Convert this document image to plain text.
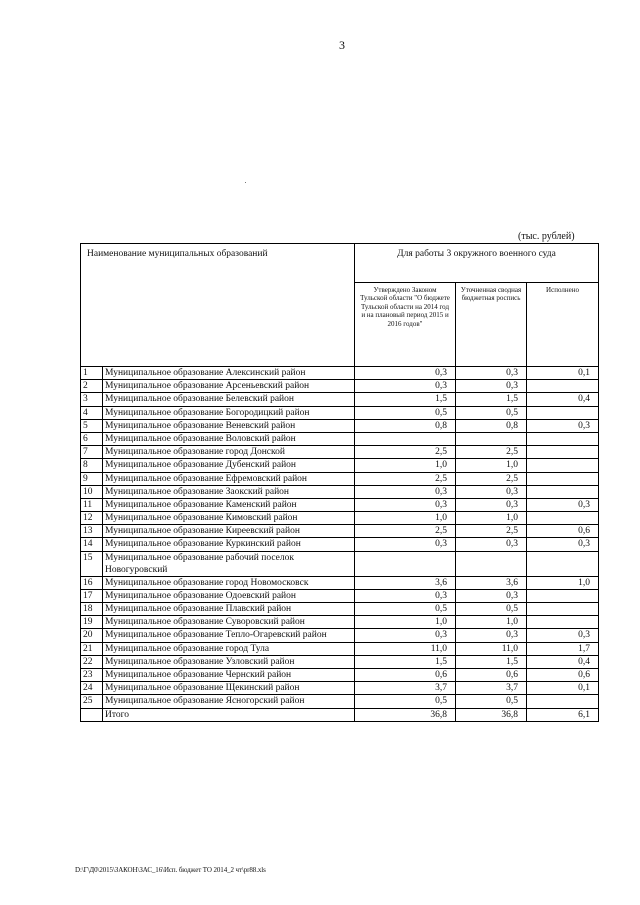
3
(тыс. рублей)
Наименование муниципальных образований		Для работы 3 окружного военного суда		
		Утверждено Законом Тульской области "О бюджете Тульской области на 2014 год и на плановый период 2015 и 2016 годов"	Уточненная сводная бюджетная роспись	Исполнено
1	Муниципальное образование Алексинский район	0,3	0,3	0,1
2	Муниципальное образование Арсеньевский район	0,3	0,3	
3	Муниципальное образование Белевский район	1,5	1,5	0,4
4	Муниципальное образование Богородицкий район	0,5	0,5	
5	Муниципальное образование Веневский район	0,8	0,8	0,3
6	Муниципальное образование Воловский район			
7	Муниципальное образование город Донской	2,5	2,5	
8	Муниципальное образование Дубенский район	1,0	1,0	
9	Муниципальное образование Ефремовский район	2,5	2,5	
10	Муниципальное образование Заокский район	0,3	0,3	
11	Муниципальное образование Каменский район	0,3	0,3	0,3
12	Муниципальное образование Кимовский район	1,0	1,0	
13	Муниципальное образование Киреевский район	2,5	2,5	0,6
14	Муниципальное образование Куркинский район	0,3	0,3	0,3
15	Муниципальное образование рабочий поселок Новогуровский			
16	Муниципальное образование город Новомосковск	3,6	3,6	1,0
17	Муниципальное образование Одоевский район	0,3	0,3	
18	Муниципальное образование Плавский район	0,5	0,5	
19	Муниципальное образование Суворовский район	1,0	1,0	
20	Муниципальное образование Тепло-Огаревский район	0,3	0,3	0,3
21	Муниципальное образование город Тула	11,0	11,0	1,7
22	Муниципальное образование Узловский район	1,5	1,5	0,4
23	Муниципальное образование Чернский район	0,6	0,6	0,6
24	Муниципальное образование Щекинский район	3,7	3,7	0,1
25	Муниципальное образование Ясногорский район	0,5	0,5	
	Итого	36,8	36,8	6,1
D:\Г\Д0\2015\ЗАКОН\ЗАС_16\Исп. бюджет ТО 2014_2 чт\pr88.xls
